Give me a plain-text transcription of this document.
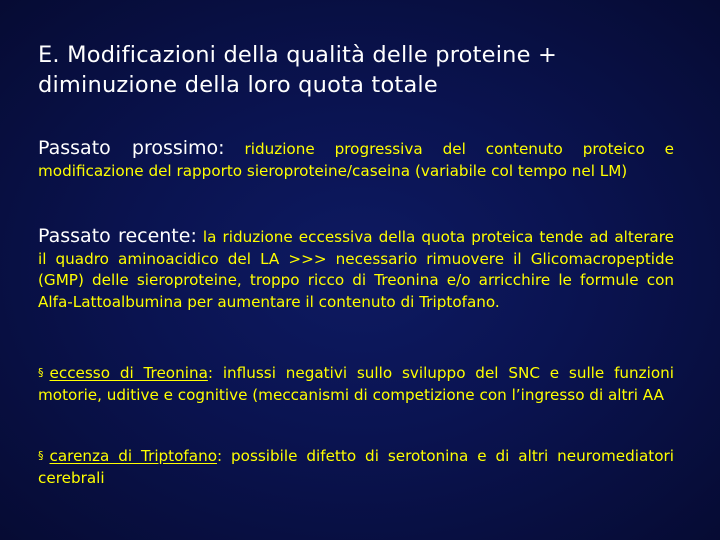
E. Modificazioni della qualità delle proteine +
diminuzione della loro quota totale
Passato prossimo: riduzione progressiva del contenuto proteico e modificazione del rapporto sieroproteine/caseina (variabile col tempo nel LM)
Passato recente: la riduzione eccessiva della quota proteica tende ad alterare il quadro aminoacidico del LA >>> necessario rimuovere il Glicomacropeptide (GMP) delle sieroproteine, troppo ricco di Treonina e/o arricchire le formule con Alfa-Lattoalbumina per aumentare il contenuto di Triptofano.
§ eccesso di Treonina: influssi negativi sullo sviluppo del SNC e sulle funzioni motorie, uditive e cognitive (meccanismi di competizione con l’ingresso di altri AA
§ carenza di Triptofano: possibile difetto di serotonina e di altri neuromediatori cerebrali
